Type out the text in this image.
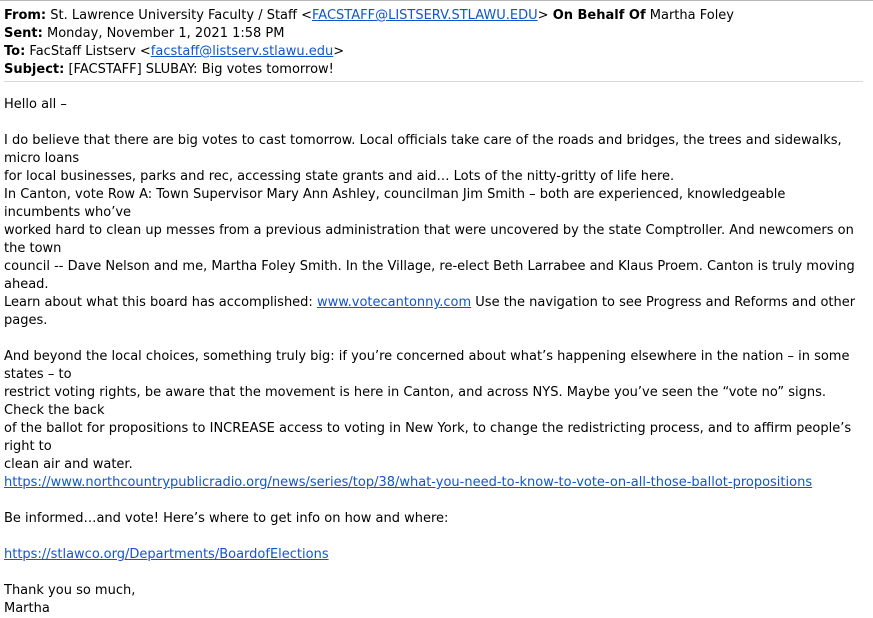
From: St. Lawrence University Faculty / Staff <FACSTAFF@LISTSERV.STLAWU.EDU> On Behalf Of Martha Foley
Sent: Monday, November 1, 2021 1:58 PM
To: FacStaff Listserv <facstaff@listserv.stlawu.edu>
Subject: [FACSTAFF] SLUBAY: Big votes tomorrow!

Hello all –

I do believe that there are big votes to cast tomorrow. Local officials take care of the roads and bridges, the trees and sidewalks, micro loans

for local businesses, parks and rec, accessing state grants and aid… Lots of the nitty-gritty of life here.

In Canton, vote Row A: Town Supervisor Mary Ann Ashley, councilman Jim Smith – both are experienced, knowledgeable incumbents who’ve

worked hard to clean up messes from a previous administration that were uncovered by the state Comptroller. And newcomers on the town

council -- Dave Nelson and me, Martha Foley Smith. In the Village, re-elect Beth Larrabee and Klaus Proem. Canton is truly moving ahead.

Learn about what this board has accomplished: www.votecantonny.com Use the navigation to see Progress and Reforms and other pages.

And beyond the local choices, something truly big: if you’re concerned about what’s happening elsewhere in the nation – in some states – to

restrict voting rights, be aware that the movement is here in Canton, and across NYS. Maybe you’ve seen the “vote no” signs. Check the back

of the ballot for propositions to INCREASE access to voting in New York, to change the redistricting process, and to affirm people’s right to

clean air and water.

https://www.northcountrypublicradio.org/news/series/top/38/what-you-need-to-know-to-vote-on-all-those-ballot-propositions

Be informed…and vote! Here’s where to get info on how and where:

https://stlawco.org/Departments/BoardofElections

Thank you so much,

Martha
